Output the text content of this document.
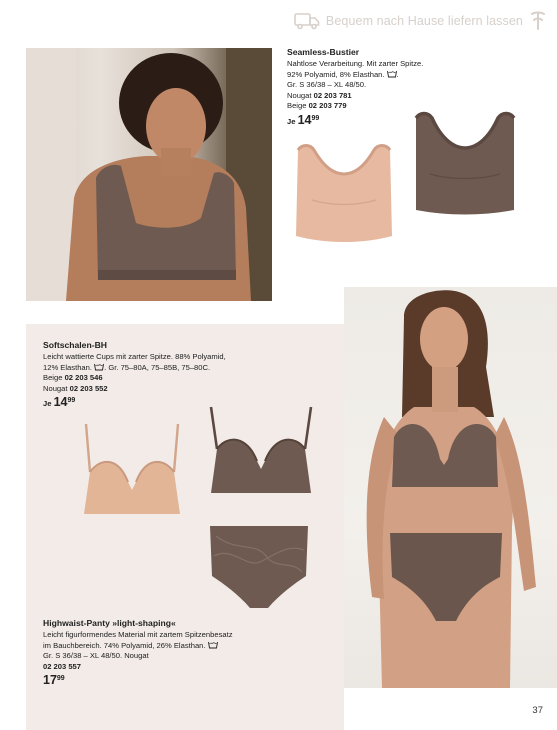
Bequem nach Hause liefern lassen
Seamless-Bustier
Nahtlose Verarbeitung. Mit zarter Spitze.
92% Polyamid, 8% Elasthan. .
Gr. S 36/38 – XL 48/50.
Nougat 02 203 781
Beige 02 203 779
Je $14^{99}$
Softschalen-BH
Leicht wattierte Cups mit zarter Spitze. 88% Polyamid,
12% Elasthan. . Gr. 75–80A, 75–85B, 75–80C.
Beige 02 203 546
Nougat 02 203 552
Je $14^{99}$
Highwaist-Panty »light-shaping«
Leicht figurformendes Material mit zartem Spitzenbesatz
im Bauchbereich. 74% Polyamid, 26% Elasthan.
Gr. S 36/38 – XL 48/50. Nougat
02 203 557
$17^{99}$
37
